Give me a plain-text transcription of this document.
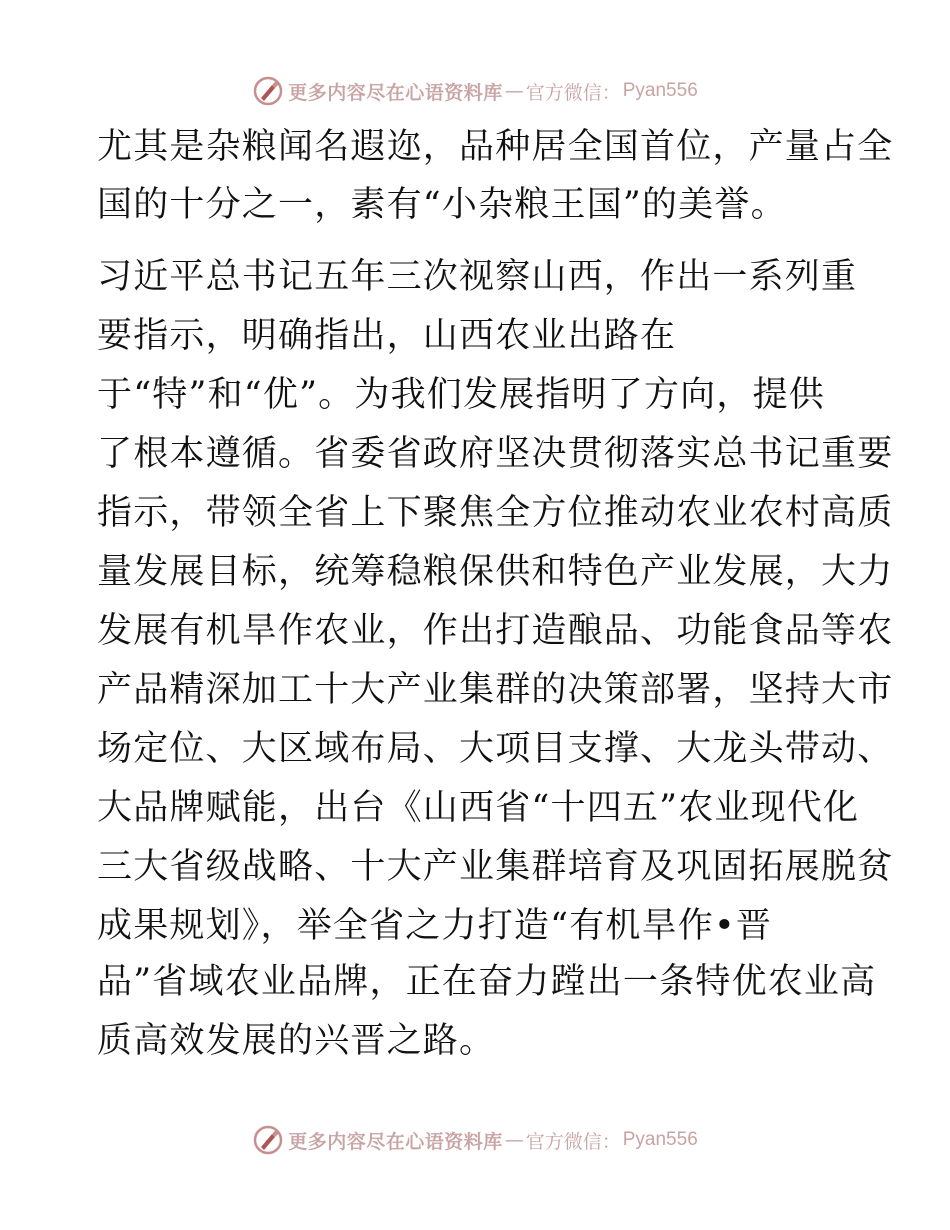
更多内容尽在心语资料库 — 官方微信： Pyan556
尤其是杂粮闻名遐迩，品种居全国首位，产量占全
国的十分之一，素有“小杂粮王国”的美誉。
习近平总书记五年三次视察山西，作出一系列重
要指示，明确指出，山西农业出路在
于“特”和“优”。为我们发展指明了方向，提供
了根本遵循。省委省政府坚决贯彻落实总书记重要
指示，带领全省上下聚焦全方位推动农业农村高质
量发展目标，统筹稳粮保供和特色产业发展，大力
发展有机旱作农业，作出打造酿品、功能食品等农
产品精深加工十大产业集群的决策部署，坚持大市
场定位、大区域布局、大项目支撑、大龙头带动、
大品牌赋能，出台《山西省“十四五”农业现代化
三大省级战略、十大产业集群培育及巩固拓展脱贫
成果规划》，举全省之力打造“有机旱作•晋
品”省域农业品牌，正在奋力蹚出一条特优农业高
质高效发展的兴晋之路。
更多内容尽在心语资料库 — 官方微信： Pyan556
